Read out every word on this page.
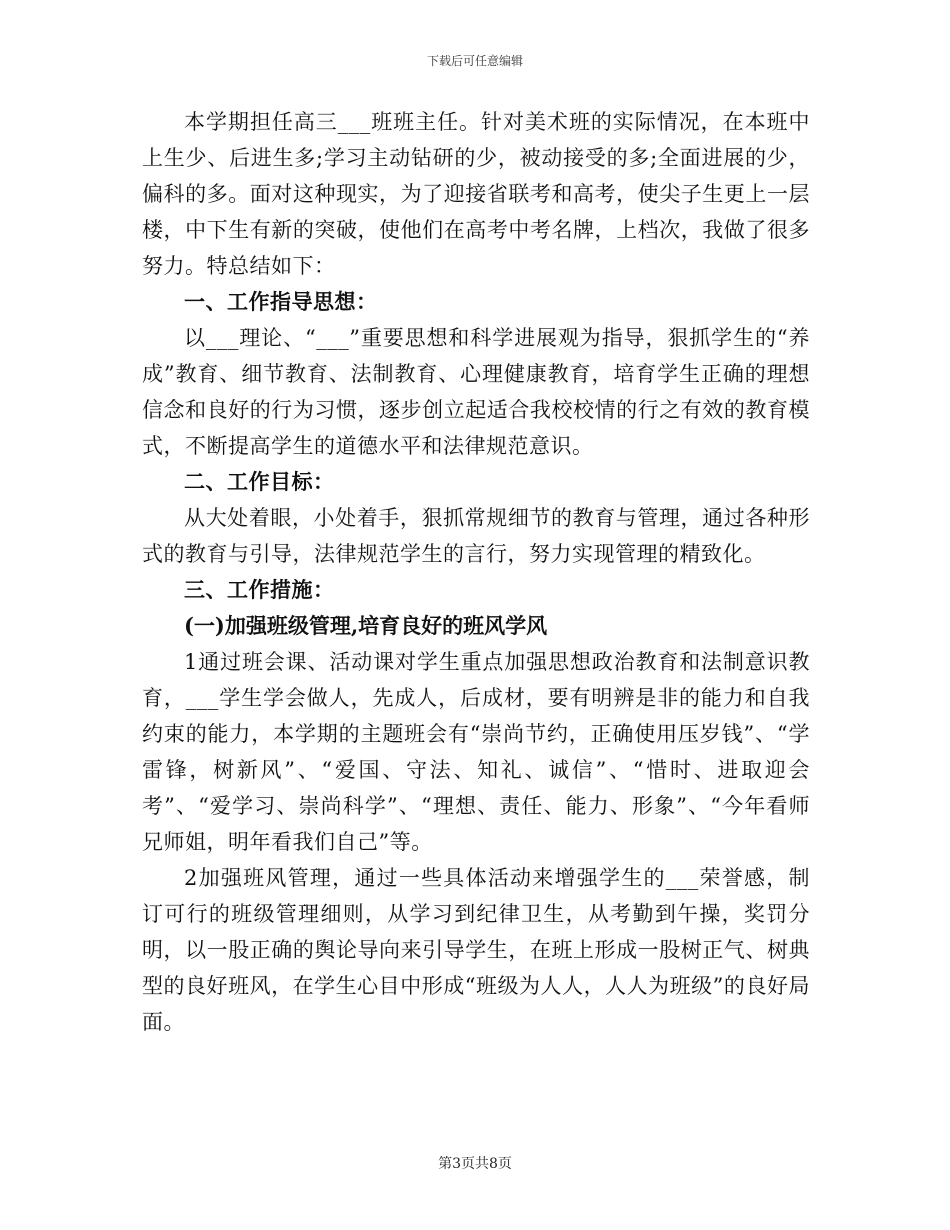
下载后可任意编辑

本学期担任高三___班班主任。针对美术班的实际情况，在本班中上生少、后进生多;学习主动钻研的少，被动接受的多;全面进展的少，偏科的多。面对这种现实，为了迎接省联考和高考，使尖子生更上一层楼，中下生有新的突破，使他们在高考中考名牌，上档次，我做了很多努力。特总结如下：

一、工作指导思想：

以___理论、“___”重要思想和科学进展观为指导，狠抓学生的“养成”教育、细节教育、法制教育、心理健康教育，培育学生正确的理想信念和良好的行为习惯，逐步创立起适合我校校情的行之有效的教育模式，不断提高学生的道德水平和法律规范意识。

二、工作目标：

从大处着眼，小处着手，狠抓常规细节的教育与管理，通过各种形式的教育与引导，法律规范学生的言行，努力实现管理的精致化。

三、工作措施：

(一)加强班级管理,培育良好的班风学风

1通过班会课、活动课对学生重点加强思想政治教育和法制意识教育，___学生学会做人，先成人，后成材，要有明辨是非的能力和自我约束的能力，本学期的主题班会有“崇尚节约，正确使用压岁钱”、“学雷锋，树新风”、“爱国、守法、知礼、诚信”、“惜时、进取迎会考”、“爱学习、崇尚科学”、“理想、责任、能力、形象”、“今年看师兄师姐，明年看我们自己”等。

2加强班风管理，通过一些具体活动来增强学生的___荣誉感，制订可行的班级管理细则，从学习到纪律卫生，从考勤到午操，奖罚分明，以一股正确的舆论导向来引导学生，在班上形成一股树正气、树典型的良好班风，在学生心目中形成“班级为人人，人人为班级”的良好局面。

第3页共8页
